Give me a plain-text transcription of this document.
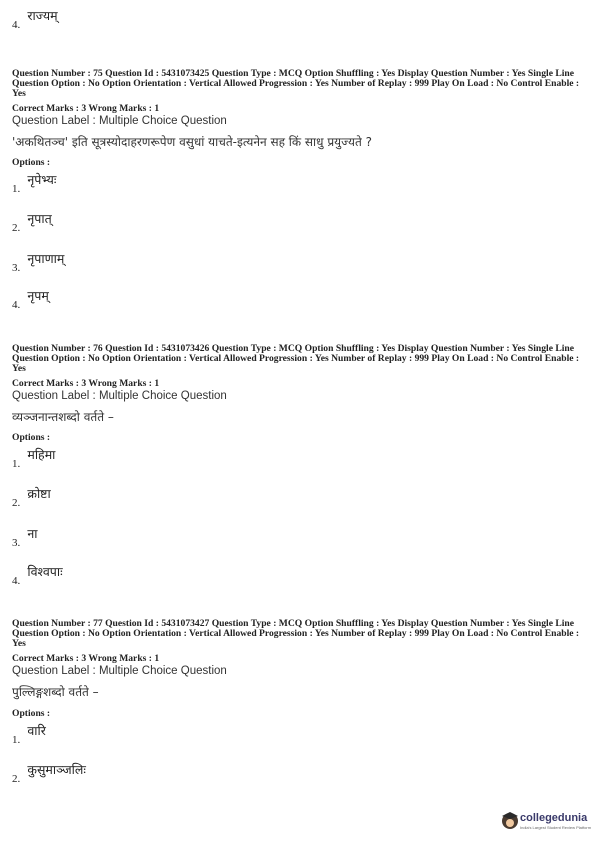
4. $^{राज्यम्}$
Question Number : 75 Question Id : 5431073425 Question Type : MCQ Option Shuffling : Yes Display Question Number : Yes Single Line Question Option : No Option Orientation : Vertical Allowed Progression : Yes Number of Replay : 999 Play On Load : No Control Enable : Yes
Correct Marks : 3 Wrong Marks : 1
Question Label : Multiple Choice Question
'अकथितञ्च' इति सूत्रस्योदाहरणरूपेण वसुधां याचते-इत्यनेन सह किं साधु प्रयुज्यते ?
Options :
1. $^{नृपेभ्यः}$
2. $^{नृपात्}$
3. $^{नृपाणाम्}$
4. $^{नृपम्}$
Question Number : 76 Question Id : 5431073426 Question Type : MCQ Option Shuffling : Yes Display Question Number : Yes Single Line Question Option : No Option Orientation : Vertical Allowed Progression : Yes Number of Replay : 999 Play On Load : No Control Enable : Yes
Correct Marks : 3 Wrong Marks : 1
Question Label : Multiple Choice Question
व्यञ्जनान्तशब्दो वर्तते –
Options :
1. $^{महिमा}$
2. $^{क्रोष्टा}$
3. $^{ना}$
4. $^{विश्वपाः}$
Question Number : 77 Question Id : 5431073427 Question Type : MCQ Option Shuffling : Yes Display Question Number : Yes Single Line Question Option : No Option Orientation : Vertical Allowed Progression : Yes Number of Replay : 999 Play On Load : No Control Enable : Yes
Correct Marks : 3 Wrong Marks : 1
Question Label : Multiple Choice Question
पुल्लिङ्गशब्दो वर्तते –
Options :
1. $^{वारि}$
2. $^{कुसुमाञ्जलिः}$
collegedunia
India's Largest Student Review Platform
